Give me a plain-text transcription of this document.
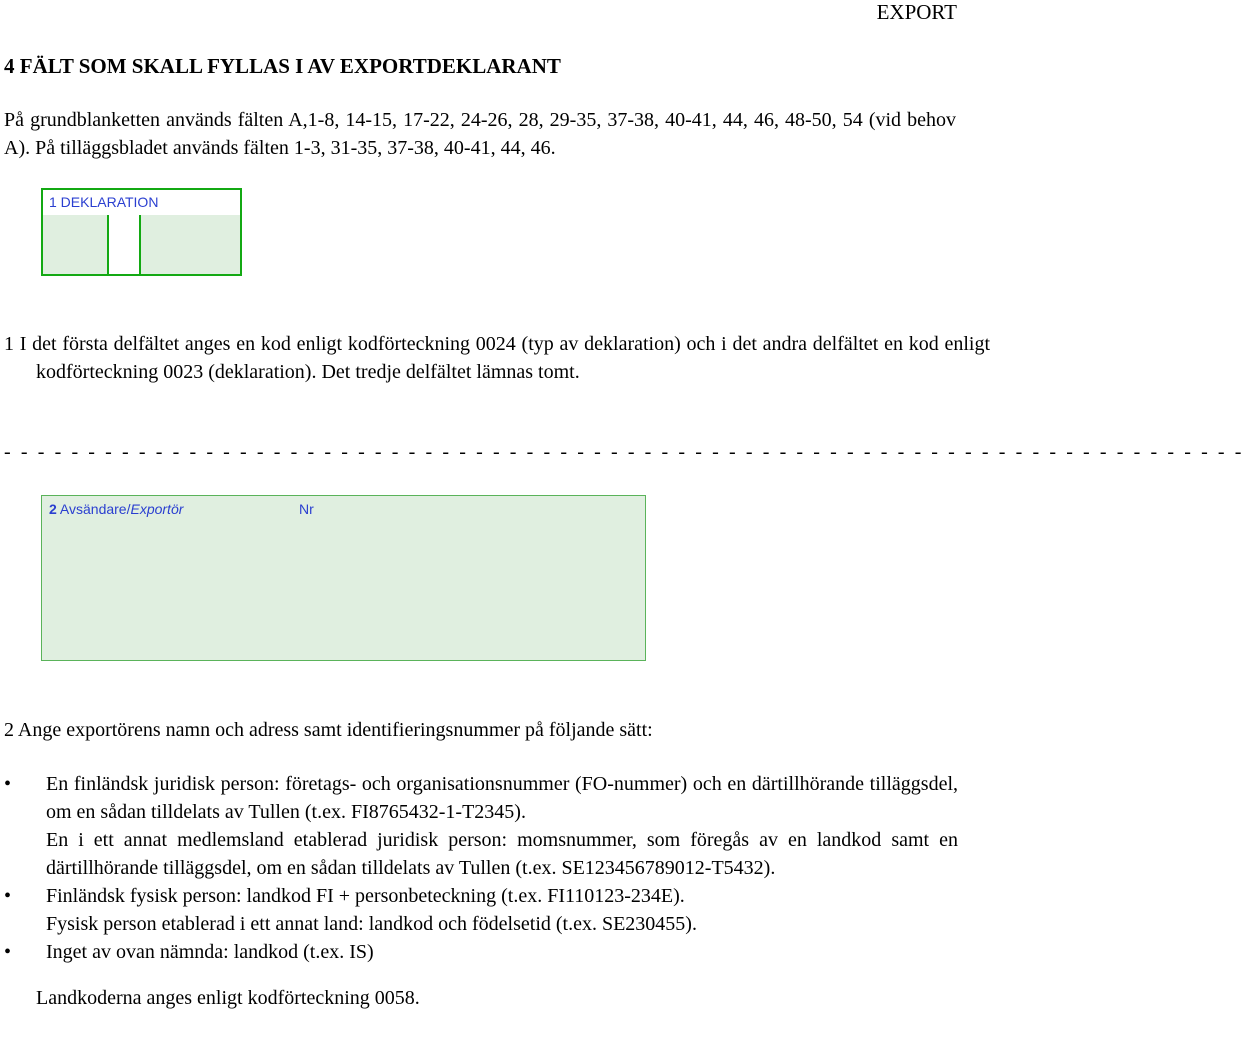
EXPORT
4 FÄLT SOM SKALL FYLLAS I AV EXPORTDEKLARANT
På grundblanketten används fälten A,1-8, 14-15, 17-22, 24-26, 28, 29-35, 37-38, 40-41, 44, 46, 48-50, 54 (vid behov A). På tilläggsbladet används fälten 1-3, 31-35, 37-38, 40-41, 44, 46.
1 DEKLARATION
1 I det första delfältet anges en kod enligt kodförteckning 0024 (typ av deklaration) och i det andra delfältet en kod enligt kodförteckning 0023 (deklaration). Det tredje delfältet lämnas tomt.
- - - - - - - - - - - - - - - - - - - - - - - - - - - - - - - - - - - - - - - - - - - - - - - - - - - - - - - - - - - - - - - - - - - - - - - - - -
2 Avsändare/Exportör	Nr
2 Ange exportörens namn och adress samt identifieringsnummer på följande sätt:
• En finländsk juridisk person: företags- och organisationsnummer (FO-nummer) och en därtillhörande tilläggsdel, om en sådan tilldelats av Tullen (t.ex. FI8765432-1-T2345).
En i ett annat medlemsland etablerad juridisk person: momsnummer, som föregås av en landkod samt en därtillhörande tilläggsdel, om en sådan tilldelats av Tullen (t.ex. SE123456789012-T5432).
• Finländsk fysisk person: landkod FI + personbeteckning (t.ex. FI110123-234E).
Fysisk person etablerad i ett annat land: landkod och födelsetid (t.ex. SE230455).
• Inget av ovan nämnda: landkod (t.ex. IS)
Landkoderna anges enligt kodförteckning 0058.
